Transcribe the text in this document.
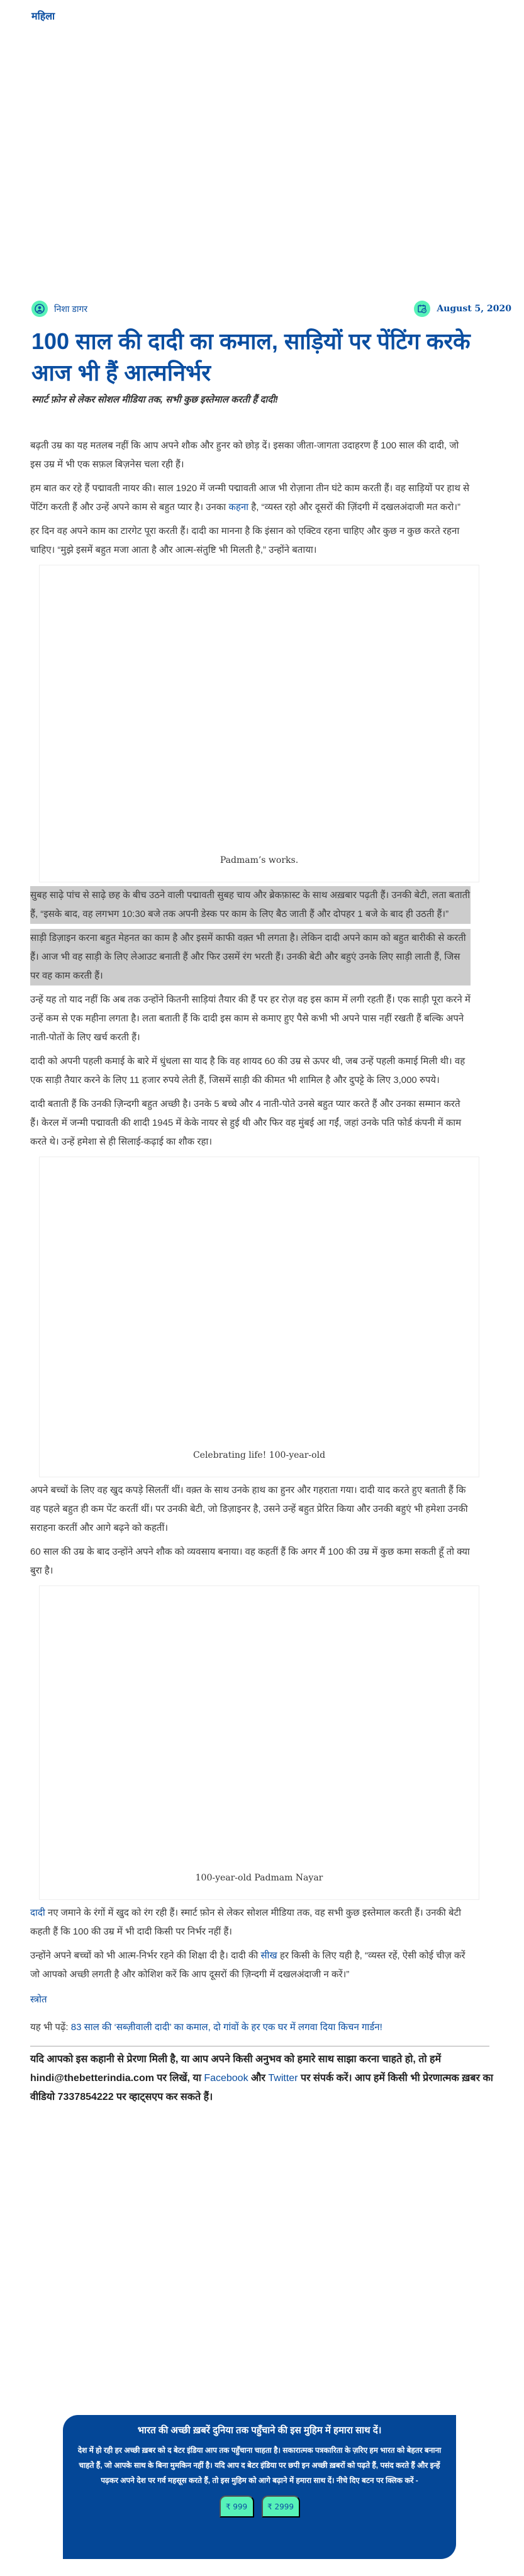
महिला
निशा डागर	August 5, 2020
100 साल की दादी का कमाल, साड़ियों पर पेंटिंग करके आज भी हैं आत्मनिर्भर
स्मार्ट फ़ोन से लेकर सोशल मीडिया तक, सभी कुछ इस्तेमाल करती हैं दादी!

बढ़ती उम्र का यह मतलब नहीं कि आप अपने शौक और हुनर को छोड़ दें। इसका जीता-जागता उदाहरण हैं 100 साल की दादी, जो इस उम्र में भी एक सफ़ल बिज़नेस चला रही हैं।

हम बात कर रहे हैं पद्मावती नायर की। साल 1920 में जन्मी पद्मावती आज भी रोज़ाना तीन घंटे काम करती हैं। वह साड़ियों पर हाथ से पेंटिंग करती हैं और उन्हें अपने काम से बहुत प्यार है। उनका कहना है, “व्यस्त रहो और दूसरों की ज़िंदगी में दखलअंदाजी मत करो।”

हर दिन वह अपने काम का टारगेट पूरा करती हैं। दादी का मानना है कि इंसान को एक्टिव रहना चाहिए और कुछ न कुछ करते रहना चाहिए। “मुझे इसमें बहुत मजा आता है और आत्म-संतुष्टि भी मिलती है,” उन्होंने बताया।

Padmam’s works.

सुबह साढ़े पांच से साढ़े छह के बीच उठने वाली पद्मावती सुबह चाय और ब्रेकफ़ास्ट के साथ अख़बार पढ़ती हैं। उनकी बेटी, लता बताती हैं, “इसके बाद, वह लगभग 10:30 बजे तक अपनी डेस्क पर काम के लिए बैठ जाती हैं और दोपहर 1 बजे के बाद ही उठती हैं।”

साड़ी डिज़ाइन करना बहुत मेहनत का काम है और इसमें काफी वक़्त भी लगता है। लेकिन दादी अपने काम को बहुत बारीकी से करती हैं। आज भी वह साड़ी के लिए लेआउट बनाती हैं और फिर उसमें रंग भरती हैं। उनकी बेटी और बहुएं उनके लिए साड़ी लाती हैं, जिस पर वह काम करती हैं।

उन्हें यह तो याद नहीं कि अब तक उन्होंने कितनी साड़ियां तैयार की हैं पर हर रोज़ वह इस काम में लगी रहती हैं। एक साड़ी पूरा करने में उन्हें कम से एक महीना लगता है। लता बताती हैं कि दादी इस काम से कमाए हुए पैसे कभी भी अपने पास नहीं रखती हैं बल्कि अपने नाती-पोतों के लिए खर्च करती हैं।

दादी को अपनी पहली कमाई के बारे में धुंधला सा याद है कि वह शायद 60 की उम्र से ऊपर थी, जब उन्हें पहली कमाई मिली थी। वह एक साड़ी तैयार करने के लिए 11 हजार रुपये लेती हैं, जिसमें साड़ी की कीमत भी शामिल है और दुपट्टे के लिए 3,000 रुपये।

दादी बताती हैं कि उनकी ज़िन्दगी बहुत अच्छी है। उनके 5 बच्चे और 4 नाती-पोते उनसे बहुत प्यार करते हैं और उनका सम्मान करते हैं। केरल में जन्मी पद्मावती की शादी 1945 में केके नायर से हुई थी और फिर वह मुंबई आ गईं, जहां उनके पति फोर्ड कंपनी में काम करते थे। उन्हें हमेशा से ही सिलाई-कढ़ाई का शौक रहा।

Celebrating life! 100-year-old

अपने बच्चों के लिए वह खुद कपड़े सिलतीं थीं। वक़्त के साथ उनके हाथ का हुनर और गहराता गया। दादी याद करते हुए बताती हैं कि वह पहले बहुत ही कम पेंट करतीं थीं। पर उनकी बेटी, जो डिज़ाइनर है, उसने उन्हें बहुत प्रेरित किया और उनकी बहुएं भी हमेशा उनकी सराहना करतीं और आगे बढ़ने को कहतीं।

60 साल की उम्र के बाद उन्होंने अपने शौक को व्यवसाय बनाया। वह कहतीं हैं कि अगर मैं 100 की उम्र में कुछ कमा सकती हूँ तो क्या बुरा है।

100-year-old Padmam Nayar

दादी नए जमाने के रंगों में खुद को रंग रही हैं। स्मार्ट फ़ोन से लेकर सोशल मीडिया तक, वह सभी कुछ इस्तेमाल करती हैं। उनकी बेटी कहती हैं कि 100 की उम्र में भी दादी किसी पर निर्भर नहीं हैं।

उन्होंने अपने बच्चों को भी आत्म-निर्भर रहने की शिक्षा दी है। दादी की सीख हर किसी के लिए यही है, “व्यस्त रहें, ऐसी कोई चीज़ करें जो आपको अच्छी लगती है और कोशिश करें कि आप दूसरों की ज़िन्दगी में दखलअंदाजी न करें।”

स्त्रोत
यह भी पढ़ें: 83 साल की ‘सब्ज़ीवाली दादी’ का कमाल, दो गांवों के हर एक घर में लगवा दिया किचन गार्डन!
यदि आपको इस कहानी से प्रेरणा मिली है, या आप अपने किसी अनुभव को हमारे साथ साझा करना चाहते हो, तो हमें hindi@thebetterindia.com पर लिखें, या Facebook और Twitter पर संपर्क करें। आप हमें किसी भी प्रेरणात्मक ख़बर का वीडियो 7337854222 पर व्हाट्सएप कर सकते हैं।
भारत की अच्छी ख़बरें दुनिया तक पहुँचाने की इस मुहिम में हमारा साथ दें।

देश में हो रही हर अच्छी ख़बर को द बेटर इंडिया आप तक पहुँचाना चाहता है। सकारात्मक पत्रकारिता के ज़रिए हम भारत को बेहतर बनाना चाहते हैं, जो आपके साथ के बिना मुमकिन नहीं है। यदि आप द बेटर इंडिया पर छपी इन अच्छी ख़बरों को पढ़ते हैं, पसंद करते हैं और इन्हें पढ़कर अपने देश पर गर्व महसूस करते हैं, तो इस मुहिम को आगे बढ़ाने में हमारा साथ दें। नीचे दिए बटन पर क्लिक करें -

₹ 999	₹ 2999
